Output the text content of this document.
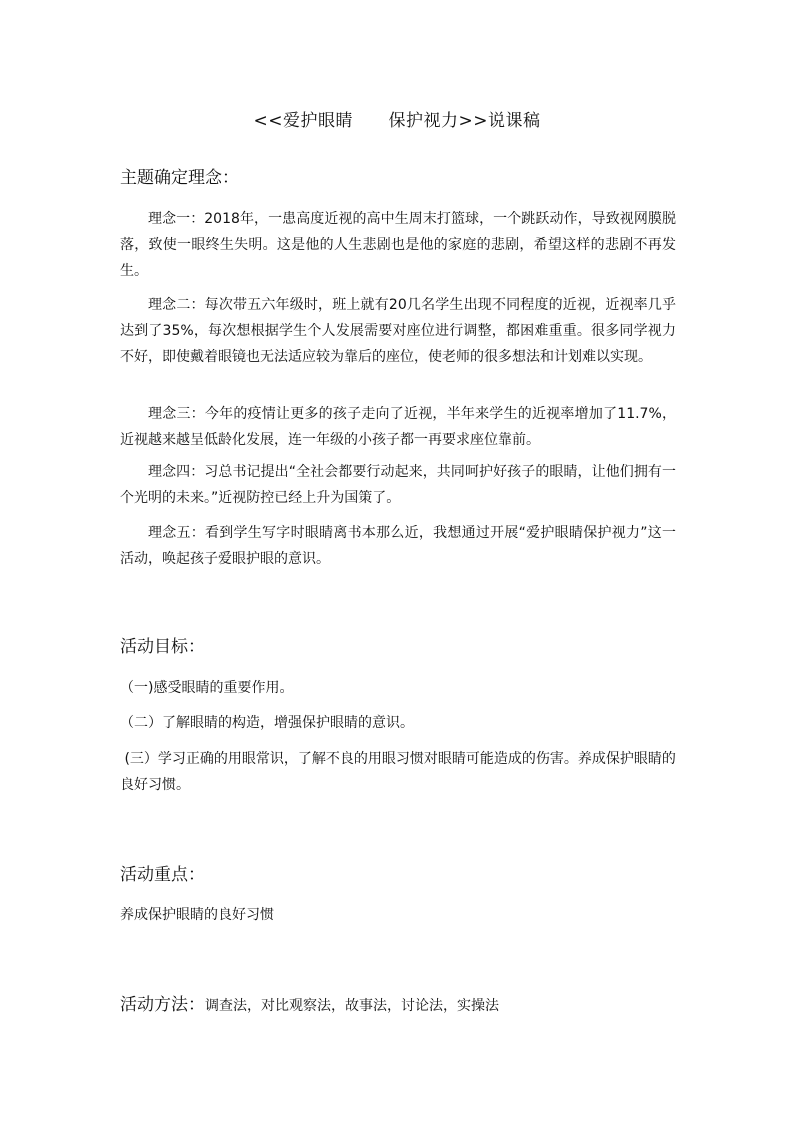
<<爱护眼睛      保护视力>>说课稿
主题确定理念：

理念一：2018年，一患高度近视的高中生周末打篮球，一个跳跃动作，导致视网膜脱落，致使一眼终生失明。这是他的人生悲剧也是他的家庭的悲剧，希望这样的悲剧不再发生。

理念二：每次带五六年级时，班上就有20几名学生出现不同程度的近视，近视率几乎达到了35%，每次想根据学生个人发展需要对座位进行调整，都困难重重。很多同学视力不好，即使戴着眼镜也无法适应较为靠后的座位，使老师的很多想法和计划难以实现。

理念三：今年的疫情让更多的孩子走向了近视，半年来学生的近视率增加了11.7%，近视越来越呈低龄化发展，连一年级的小孩子都一再要求座位靠前。

理念四：习总书记提出“全社会都要行动起来，共同呵护好孩子的眼睛，让他们拥有一个光明的未来。”近视防控已经上升为国策了。

理念五：看到学生写字时眼睛离书本那么近，我想通过开展“爱护眼睛保护视力”这一活动，唤起孩子爱眼护眼的意识。

活动目标：

（一)感受眼睛的重要作用。

（二）了解眼睛的构造，增强保护眼睛的意识。

(三）学习正确的用眼常识，了解不良的用眼习惯对眼睛可能造成的伤害。养成保护眼睛的良好习惯。

活动重点：

养成保护眼睛的良好习惯

活动方法：调查法，对比观察法，故事法，讨论法，实操法
